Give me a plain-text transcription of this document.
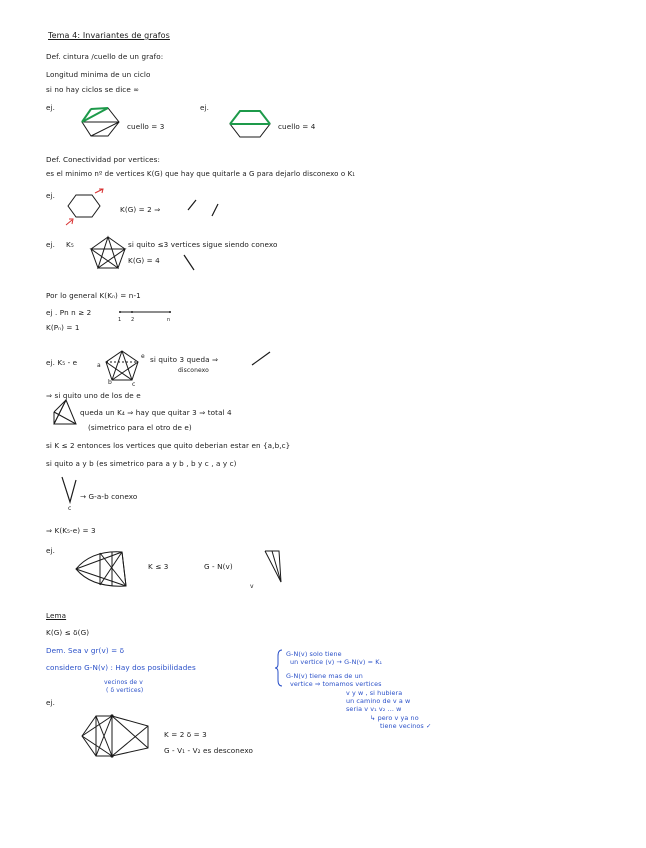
Tema 4: Invariantes de grafos
Def. cintura /cuello de un grafo:
Longitud minima de un ciclo
si no hay ciclos se dice ∞
ej.
cuello = 3
ej.
cuello = 4
Def. Conectividad por vertices:
es el minimo nº de vertices K(G) que hay que quitarle a G para dejarlo disconexo o K₁
ej.
K(G) = 2 ⇒
ej. K₅	si quito ≤3 vertices sigue siendo conexo
K(G) = 4
Por lo general K(Kₙ) = n-1
ej . Pn n ≥ 2
1 2	n
K(Pₙ) = 1
ej. K₅ - e	a
b	c
e si quito 3 queda ⇒
disconexo
⇒ si quito uno de los de e
queda un K₄ ⇒ hay que quitar 3 ⇒ total 4
(simetrico para el otro de e)
si K ≤ 2 entonces los vertices que quito deberian estar en {a,b,c}
si quito a y b (es simetrico para a y b , b y c , a y c)
c
→ G-a-b conexo
⇒ K(K₅-e) = 3
ej.
K ≤ 3	G - N(v)
v
Lema
K(G) ≤ δ(G)
Dem. Sea v gr(v) = δ
considero G-N(v) : Hay dos posibilidades
vecinos de v
( δ vertices)
G-N(v) solo tiene
un vertice (v) → G-N(v) = K₁
G-N(v) tiene mas de un
vertice ⇒ tomamos vertices
v y w , si hubiera
un camino de v a w
seria v v₁ v₂ ... w
↳ pero v ya no
tiene vecinos ✓
ej.
K = 2 δ = 3
G - V₁ - V₂ es desconexo
